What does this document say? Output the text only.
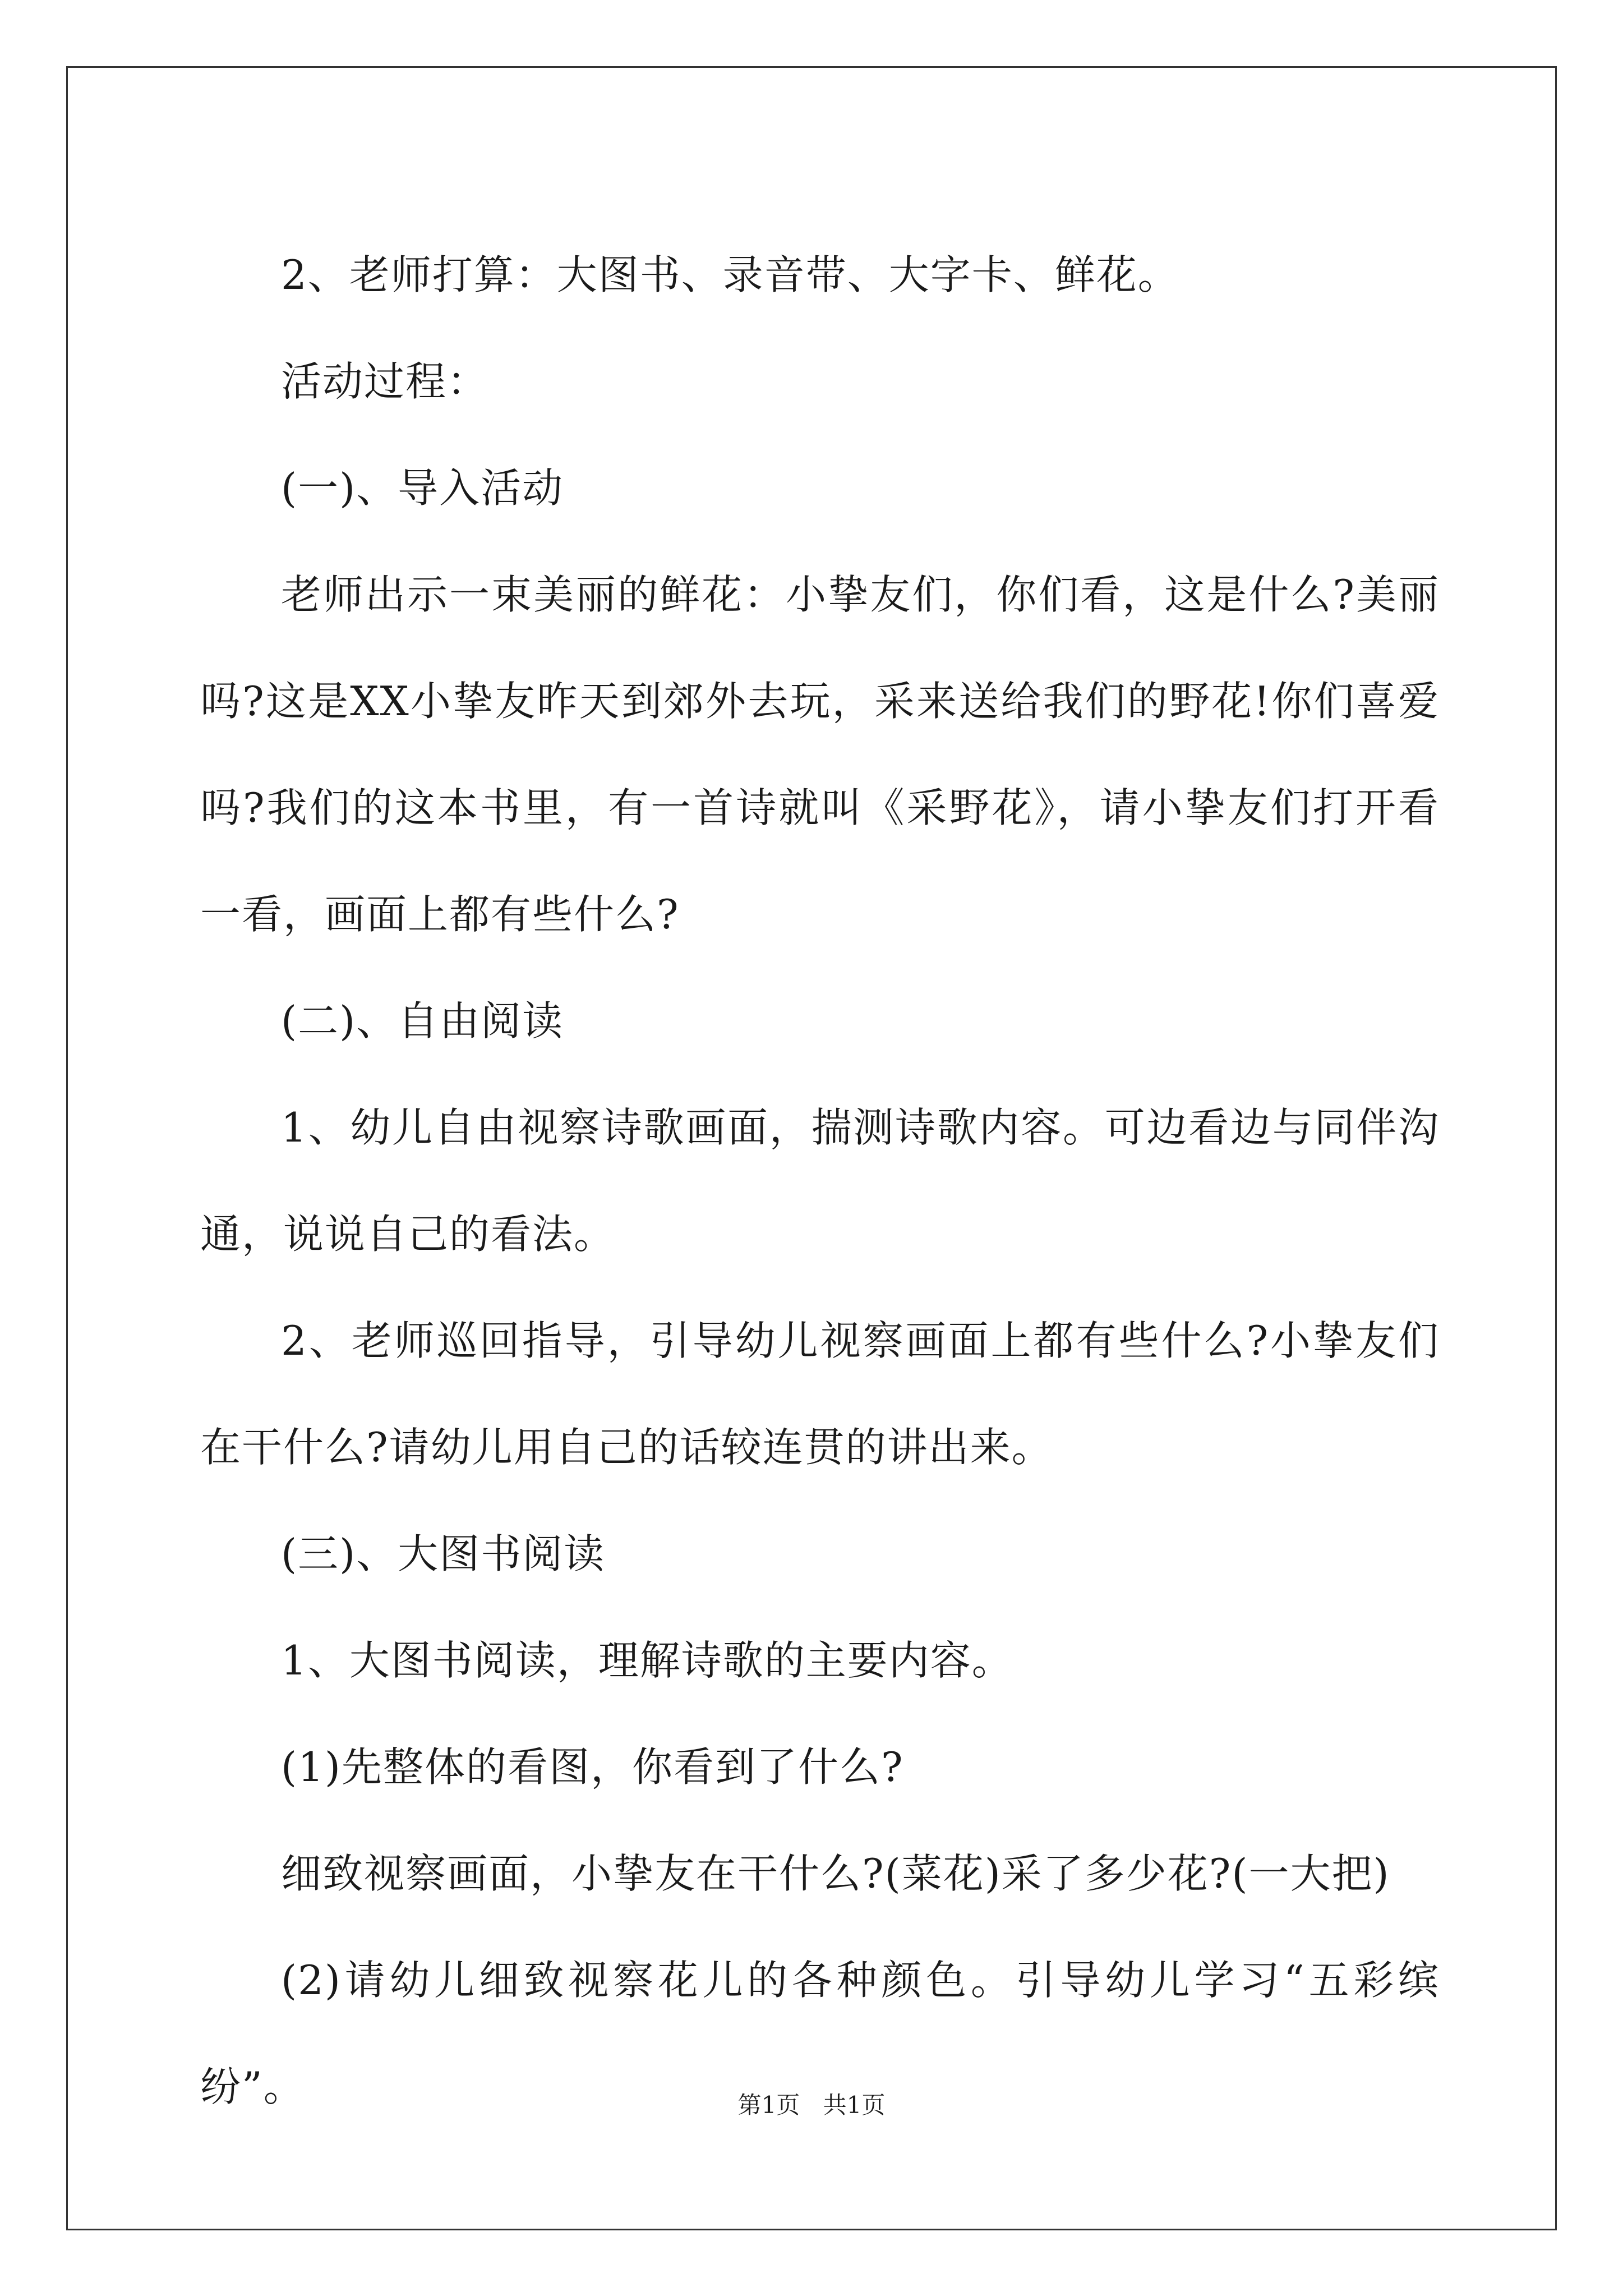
2、老师打算：大图书、录音带、大字卡、鲜花。

活动过程：

(一)、导入活动

老师出示一束美丽的鲜花：小挚友们，你们看，这是什么?美丽吗?这是XX小挚友昨天到郊外去玩，采来送给我们的野花!你们喜爱吗?我们的这本书里，有一首诗就叫《采野花》，请小挚友们打开看一看，画面上都有些什么?

(二)、自由阅读

1、幼儿自由视察诗歌画面，揣测诗歌内容。可边看边与同伴沟通，说说自己的看法。

2、老师巡回指导，引导幼儿视察画面上都有些什么?小挚友们在干什么?请幼儿用自己的话较连贯的讲出来。

(三)、大图书阅读

1、大图书阅读，理解诗歌的主要内容。

(1)先整体的看图，你看到了什么?

细致视察画面，小挚友在干什么?(菜花)采了多少花?(一大把)

(2)请幼儿细致视察花儿的各种颜色。引导幼儿学习“五彩缤纷”。	第1页 共1页
